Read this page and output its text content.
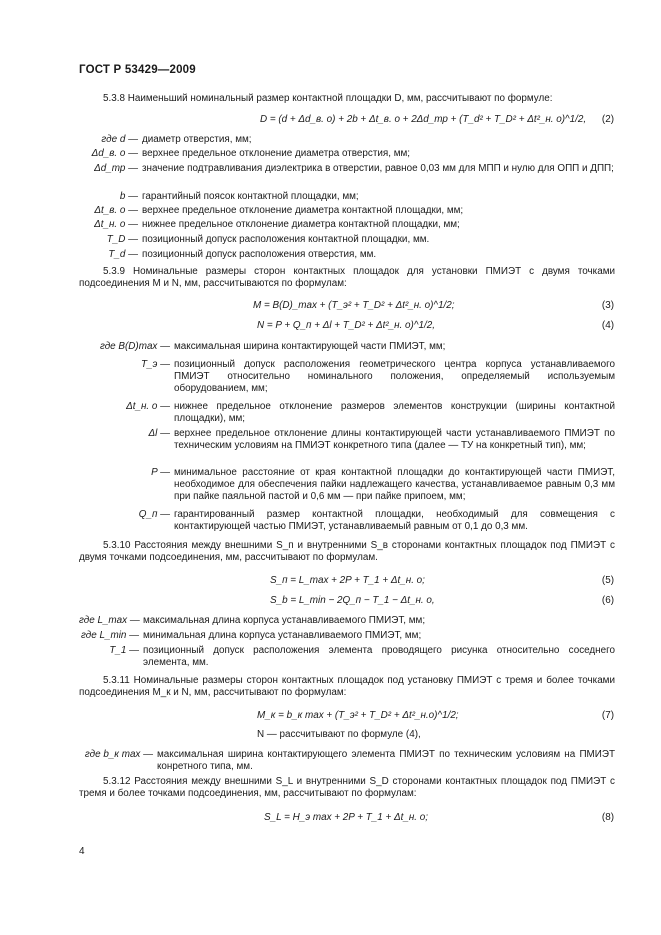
ГОСТ Р 53429—2009
5.3.8 Наименьший номинальный размер контактной площадки D, мм, рассчитывают по формуле:
D = (d + Δd_в. о) + 2b + Δt_в. о + 2Δd_тр + (T_d² + T_D² + Δt²_н. о)^1/2, (2)
где d — диаметр отверстия, мм;
Δd_в. о — верхнее предельное отклонение диаметра отверстия, мм;
Δd_тр — значение подтравливания диэлектрика в отверстии, равное 0,03 мм для МПП и нулю для ОПП и ДПП;
b — гарантийный поясок контактной площадки, мм;
Δt_в. о — верхнее предельное отклонение диаметра контактной площадки, мм;
Δt_н. о — нижнее предельное отклонение диаметра контактной площадки, мм;
T_D — позиционный допуск расположения контактной площадки, мм.
T_d — позиционный допуск расположения отверстия, мм.
5.3.9 Номинальные размеры сторон контактных площадок для установки ПМИЭТ с двумя точками подсоединения M и N, мм, рассчитываются по формулам:
M = B(D)_max + (T_э² + T_D² + Δt²_н. о)^1/2;	(3)
N = P + Q_п + Δl + T_D² + Δt²_н. о)^1/2,	(4)
где B(D)max — максимальная ширина контактирующей части ПМИЭТ, мм;
T_э — позиционный допуск расположения геометрического центра корпуса устанавливаемого ПМИЭТ относительно номинального положения, определяемый используемым оборудованием, мм;
Δt_н. о — нижнее предельное отклонение размеров элементов конструкции (ширины контактной площадки), мм;
Δl — верхнее предельное отклонение длины контактирующей части устанавливаемого ПМИЭТ по техническим условиям на ПМИЭТ конкретного типа (далее — ТУ на конкретный тип), мм;
P — минимальное расстояние от края контактной площадки до контактирующей части ПМИЭТ, необходимое для обеспечения пайки надлежащего качества, устанавливаемое равным 0,3 мм при пайке паяльной пастой и 0,6 мм — при пайке припоем, мм;
Q_п — гарантированный размер контактной площадки, необходимый для совмещения с контактирующей частью ПМИЭТ, устанавливаемый равным от 0,1 до 0,3 мм.
5.3.10 Расстояния между внешними S_п и внутренними S_в сторонами контактных площадок под ПМИЭТ с двумя точками подсоединения, мм, рассчитывают по формулам.
S_п = L_max + 2P + T_1 + Δt_н. о;	(5)
S_b = L_min − 2Q_п − T_1 − Δt_н. о,	(6)
где L_max — максимальная длина корпуса устанавливаемого ПМИЭТ, мм;
где L_min — минимальная длина корпуса устанавливаемого ПМИЭТ, мм;
T_1 — позиционный допуск расположения элемента проводящего рисунка относительно соседнего элемента, мм.
5.3.11 Номинальные размеры сторон контактных площадок под установку ПМИЭТ с тремя и более точками подсоединения M_к и N, мм, рассчитывают по формулам:
M_к = b_к max + (T_э² + T_D² + Δt²_н.о)^1/2;	(7)
N — рассчитывают по формуле (4),
где b_к max — максимальная ширина контактирующего элемента ПМИЭТ по техническим условиям на ПМИЭТ конретного типа, мм.
5.3.12 Расстояния между внешними S_L и внутренними S_D сторонами контактных площадок под ПМИЭТ с тремя и более точками подсоединения, мм, рассчитывают по формулам:
S_L = H_э max + 2P + T_1 + Δt_н. о;	(8)
4
